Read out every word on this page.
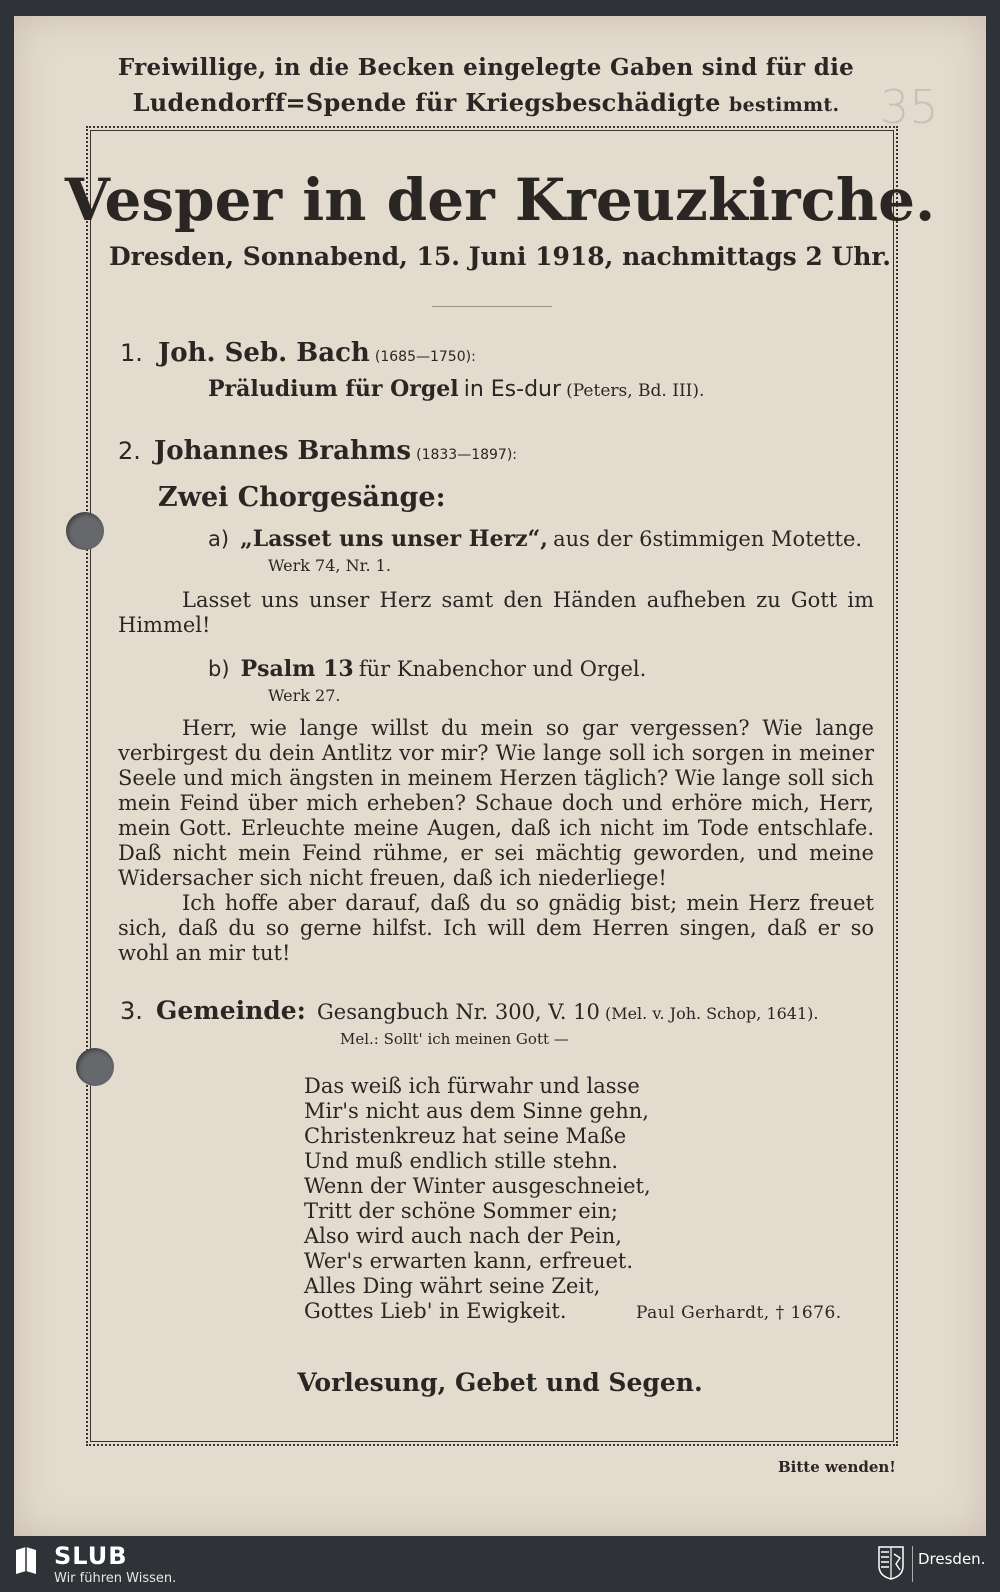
Freiwillige, in die Becken eingelegte Gaben sind für die
Ludendorff=Spende für Kriegsbeschädigte bestimmt. 35
Vesper in der Kreuzkirche.
Dresden, Sonnabend, 15. Juni 1918, nachmittags 2 Uhr.
1. Joh. Seb. Bach (1685—1750):
Präludium für Orgel in Es-dur (Peters, Bd. III).
2. Johannes Brahms (1833—1897):
Zwei Chorgesänge:
a) „Lasset uns unser Herz“, aus der 6stimmigen Motette.
Werk 74, Nr. 1.
Lasset uns unser Herz samt den Händen aufheben zu Gott im Himmel!
b) Psalm 13 für Knabenchor und Orgel.
Werk 27.
Herr, wie lange willst du mein so gar vergessen? Wie lange verbirgest du dein Antlitz vor mir? Wie lange soll ich sorgen in meiner Seele und mich ängsten in meinem Herzen täglich? Wie lange soll sich mein Feind über mich erheben? Schaue doch und erhöre mich, Herr, mein Gott. Erleuchte meine Augen, daß ich nicht im Tode entschlafe. Daß nicht mein Feind rühme, er sei mächtig geworden, und meine Widersacher sich nicht freuen, daß ich niederliege!
Ich hoffe aber darauf, daß du so gnädig bist; mein Herz freuet sich, daß du so gerne hilfst. Ich will dem Herren singen, daß er so wohl an mir tut!
3. Gemeinde: Gesangbuch Nr. 300, V. 10 (Mel. v. Joh. Schop, 1641).
Mel.: Sollt' ich meinen Gott —
Das weiß ich fürwahr und lasse
Mir's nicht aus dem Sinne gehn,
Christenkreuz hat seine Maße
Und muß endlich stille stehn.
Wenn der Winter ausgeschneiet,
Tritt der schöne Sommer ein;
Also wird auch nach der Pein,
Wer's erwarten kann, erfreuet.
Alles Ding währt seine Zeit,
Gottes Lieb' in Ewigkeit.	Paul Gerhardt, † 1676.
Vorlesung, Gebet und Segen.
Bitte wenden!
SLUB
Wir führen Wissen.
Dresden.
